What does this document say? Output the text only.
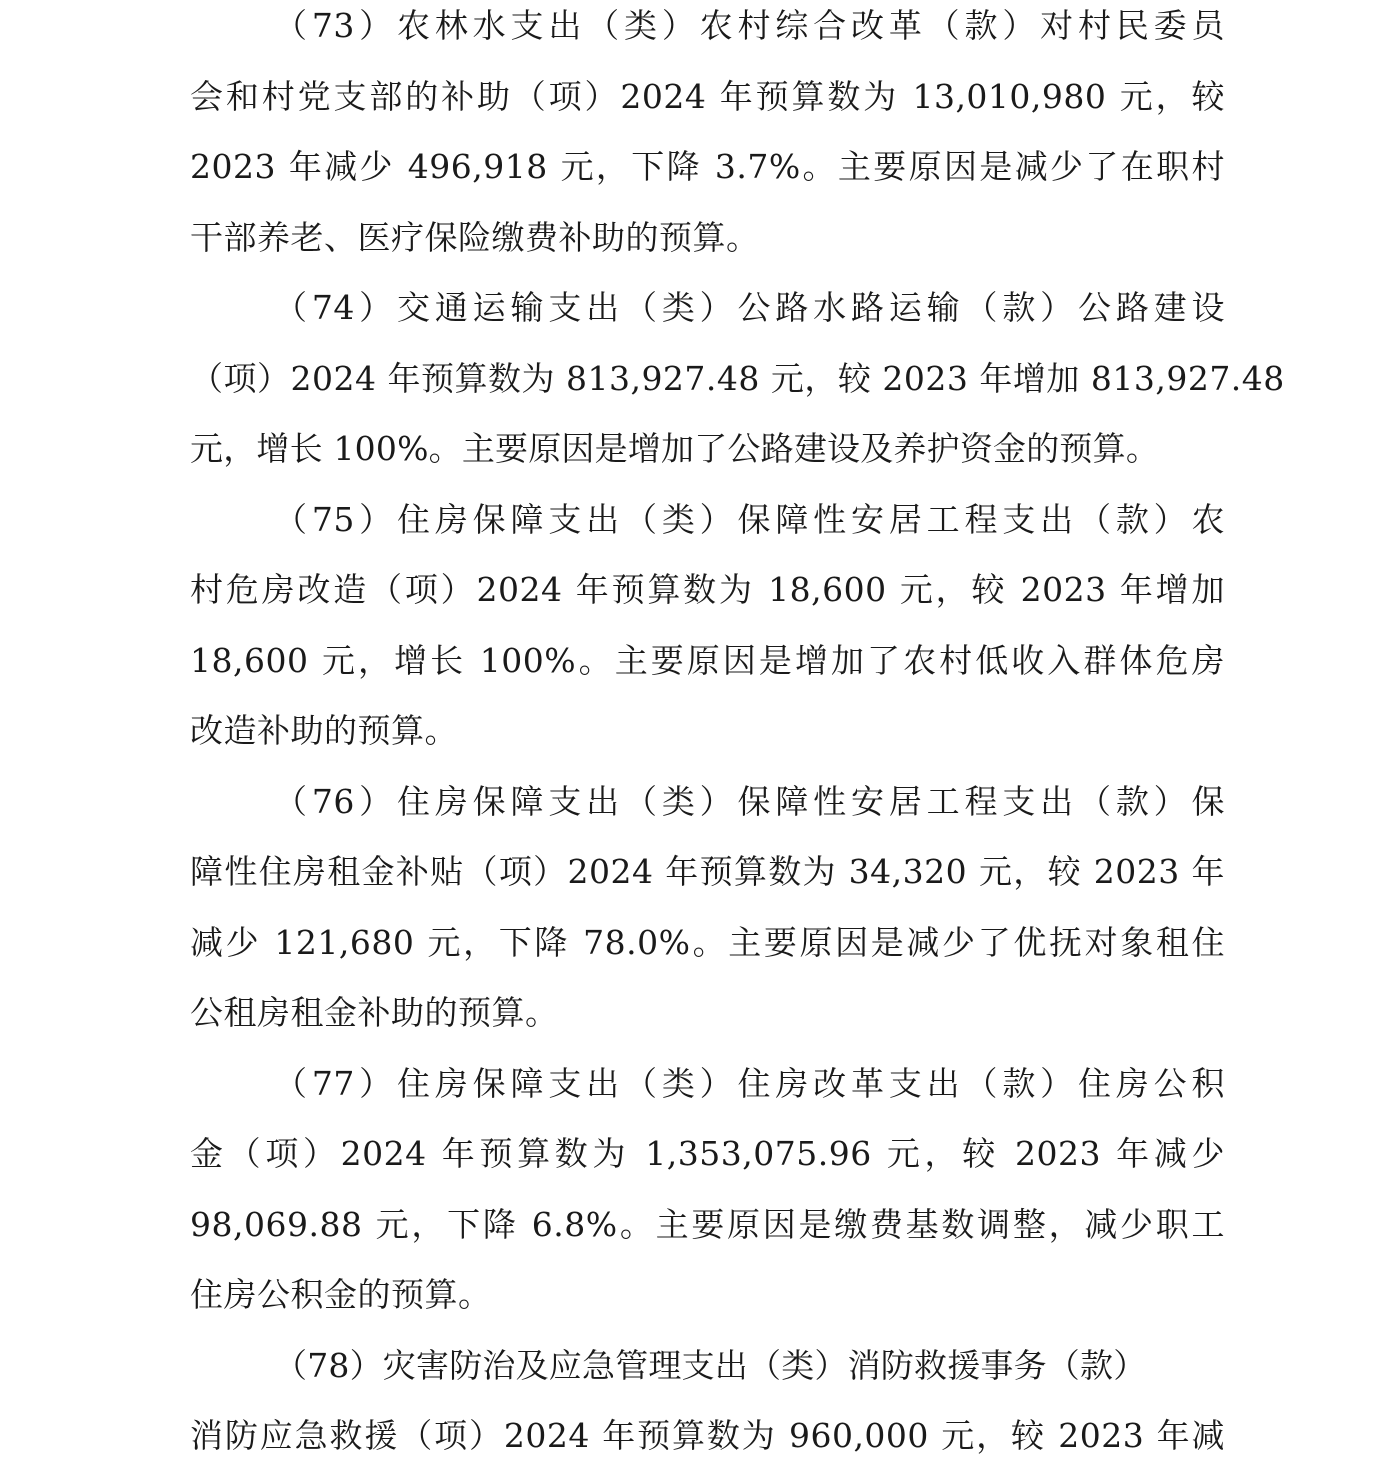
（73）农林水支出（类）农村综合改革（款）对村民委员
会和村党支部的补助（项）2024 年预算数为 13,010,980 元，较
2023 年减少 496,918 元，下降 3.7%。主要原因是减少了在职村
干部养老、医疗保险缴费补助的预算。
（74）交通运输支出（类）公路水路运输（款）公路建设
（项）2024 年预算数为 813,927.48 元，较 2023 年增加 813,927.48
元，增长 100%。主要原因是增加了公路建设及养护资金的预算。
（75）住房保障支出（类）保障性安居工程支出（款）农
村危房改造（项）2024 年预算数为 18,600 元，较 2023 年增加
18,600 元，增长 100%。主要原因是增加了农村低收入群体危房
改造补助的预算。
（76）住房保障支出（类）保障性安居工程支出（款）保
障性住房租金补贴（项）2024 年预算数为 34,320 元，较 2023 年
减少 121,680 元，下降 78.0%。主要原因是减少了优抚对象租住
公租房租金补助的预算。
（77）住房保障支出（类）住房改革支出（款）住房公积
金（项）2024 年预算数为 1,353,075.96 元，较 2023 年减少
98,069.88 元，下降 6.8%。主要原因是缴费基数调整，减少职工
住房公积金的预算。
（78）灾害防治及应急管理支出（类）消防救援事务（款）
消防应急救援（项）2024 年预算数为 960,000 元，较 2023 年减
